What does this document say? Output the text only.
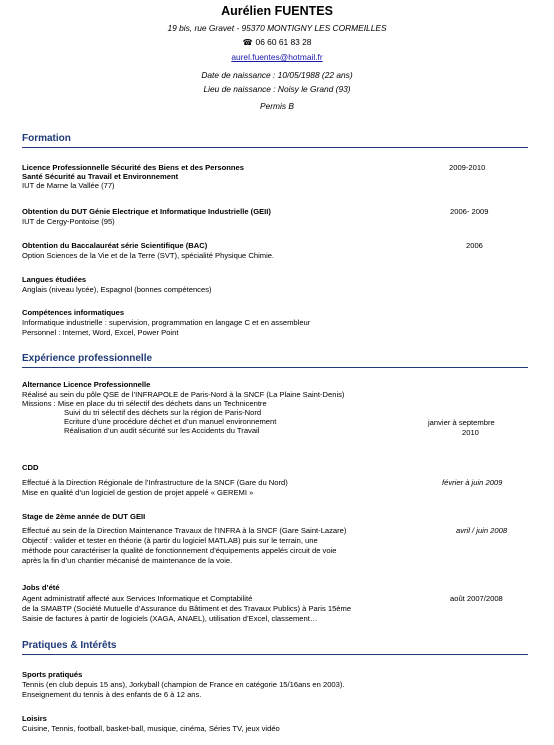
Aurélien FUENTES
19 bis, rue Gravet - 95370 MONTIGNY LES CORMEILLES
☎ 06 60 61 83 28
aurel.fuentes@hotmail.fr
Date de naissance : 10/05/1988 (22 ans)
Lieu de naissance : Noisy le Grand (93)
Permis B
Formation
Licence Professionnelle Sécurité des Biens et des Personnes
Santé Sécurité au Travail et Environnement
IUT de Marne la Vallée (77)
2009-2010
Obtention du DUT Génie Electrique et Informatique Industrielle (GEII)
IUT de Cergy-Pontoise (95)
2006- 2009
Obtention du Baccalauréat série Scientifique (BAC)
Option Sciences de la Vie et de la Terre (SVT), spécialité Physique Chimie.
2006
Langues étudiées
Anglais (niveau lycée), Espagnol (bonnes compétences)
Compétences informatiques
Informatique industrielle : supervision, programmation en langage C et en assembleur
Personnel : Internet, Word, Excel, Power Point
Expérience professionnelle
Alternance Licence Professionnelle
Réalisé au sein du pôle QSE de l’INFRAPOLE de Paris-Nord à la SNCF (La Plaine Saint-Denis)
Missions : Mise en place du tri sélectif des déchets dans un Technicentre
Suivi du tri sélectif des déchets sur la région de Paris-Nord
Ecriture d’une procédure déchet et d’un manuel environnement
Réalisation d’un audit sécurité sur les Accidents du Travail
janvier à septembre
2010
CDD
Effectué à la Direction Régionale de l’Infrastructure de la SNCF (Gare du Nord)
Mise en qualité d’un logiciel de gestion de projet appelé « GEREMI »
février à juin 2009
Stage de 2ème année de DUT GEII
Effectué au sein de la Direction Maintenance Travaux de l’INFRA à la SNCF (Gare Saint-Lazare)
Objectif : valider et tester en théorie (à partir du logiciel MATLAB) puis sur le terrain, une
méthode pour caractériser la qualité de fonctionnement d’équipements appelés circuit de voie
après la fin d’un chantier mécanisé de maintenance de la voie.
avril / juin 2008
Jobs d’été
Agent administratif affecté aux Services Informatique et Comptabilité
de la SMABTP (Société Mutuelle d’Assurance du Bâtiment et des Travaux Publics) à Paris 15ème
Saisie de factures à partir de logiciels (XAGA, ANAEL), utilisation d’Excel, classement…
août 2007/2008
Pratiques & Intérêts
Sports pratiqués
Tennis (en club depuis 15 ans), Jorkyball (champion de France en catégorie 15/16ans en 2003).
Enseignement du tennis à des enfants de 6 à 12 ans.
Loisirs
Cuisine, Tennis, football, basket-ball, musique, cinéma, Séries TV, jeux vidéo
